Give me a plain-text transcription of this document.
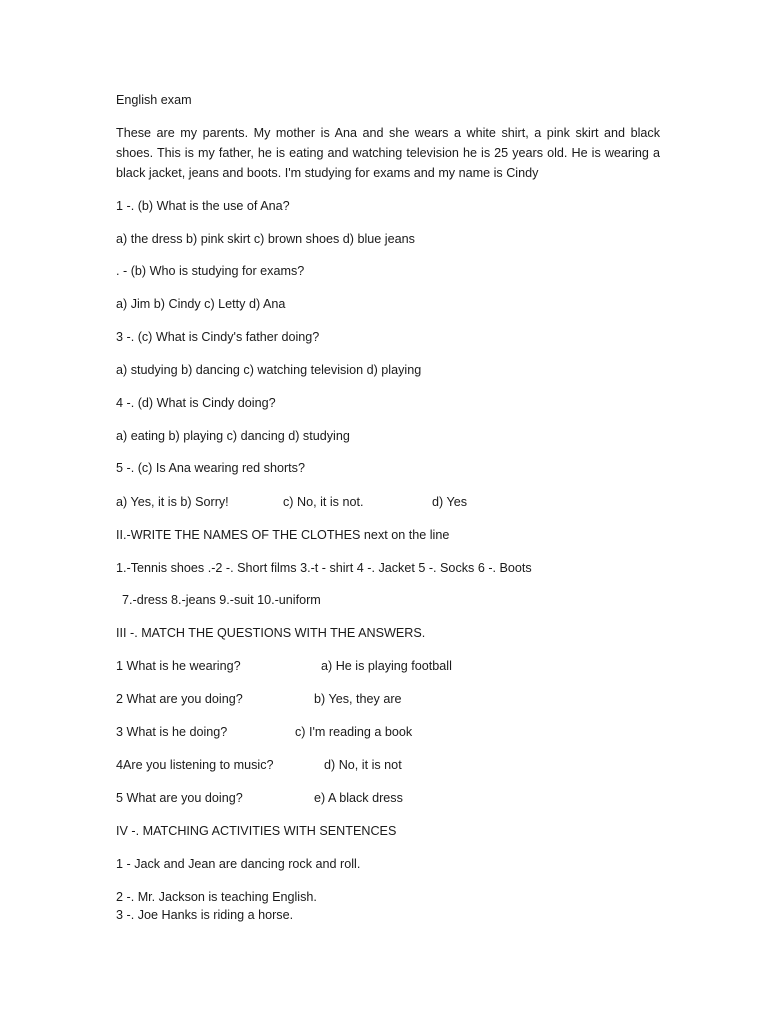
English exam
These are my parents. My mother is Ana and she wears a white shirt, a pink skirt and black shoes. This is my father, he is eating and watching television he is 25 years old. He is wearing a black jacket, jeans and boots. I'm studying for exams and my name is Cindy
1 -. (b) What is the use of Ana?
a) the dress b) pink skirt c) brown shoes d) blue jeans
. - (b) Who is studying for exams?
a) Jim b) Cindy c) Letty d) Ana
3 -. (c) What is Cindy's father doing?
a) studying b) dancing c) watching television d) playing
4 -. (d) What is Cindy doing?
a) eating b) playing c) dancing d) studying
5 -. (c) Is Ana wearing red shorts?
a) Yes, it is b) Sorry!	c) No, it is not.	d) Yes
II.-WRITE THE NAMES OF THE CLOTHES next on the line
1.-Tennis shoes .-2 -. Short films 3.-t - shirt 4 -. Jacket 5 -. Socks 6 -. Boots
7.-dress 8.-jeans 9.-suit 10.-uniform
III -. MATCH THE QUESTIONS WITH THE ANSWERS.
1 What is he wearing?	a) He is playing football
2 What are you doing?	b) Yes, they are
3 What is he doing?	c) I'm reading a book
4Are you listening to music?	d) No, it is not
5 What are you doing?	e) A black dress
IV -. MATCHING ACTIVITIES WITH SENTENCES
1 - Jack and Jean are dancing rock and roll.
2 -. Mr. Jackson is teaching English.
3 -. Joe Hanks is riding a horse.
